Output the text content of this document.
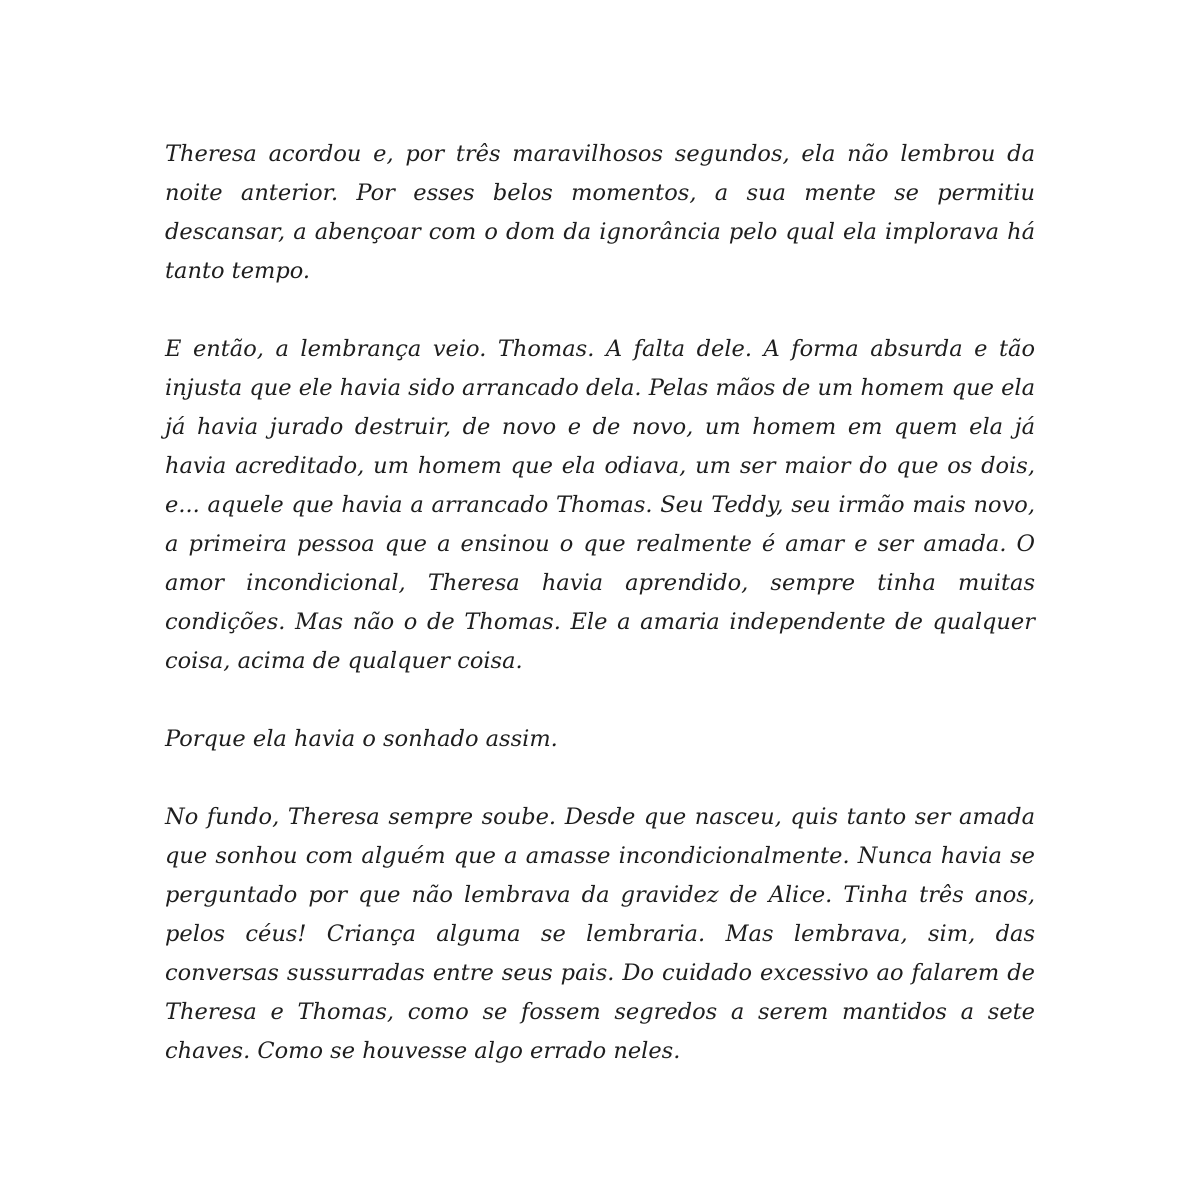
Theresa acordou e, por três maravilhosos segundos, ela não lembrou da noite anterior. Por esses belos momentos, a sua mente se permitiu descansar, a abençoar com o dom da ignorância pelo qual ela implorava há tanto tempo.

E então, a lembrança veio. Thomas. A falta dele. A forma absurda e tão injusta que ele havia sido arrancado dela. Pelas mãos de um homem que ela já havia jurado destruir, de novo e de novo, um homem em quem ela já havia acreditado, um homem que ela odiava, um ser maior do que os dois, e... aquele que havia a arrancado Thomas. Seu Teddy, seu irmão mais novo, a primeira pessoa que a ensinou o que realmente é amar e ser amada. O amor incondicional, Theresa havia aprendido, sempre tinha muitas condições. Mas não o de Thomas. Ele a amaria independente de qualquer coisa, acima de qualquer coisa.

Porque ela havia o sonhado assim.

No fundo, Theresa sempre soube. Desde que nasceu, quis tanto ser amada que sonhou com alguém que a amasse incondicionalmente. Nunca havia se perguntado por que não lembrava da gravidez de Alice. Tinha três anos, pelos céus! Criança alguma se lembraria. Mas lembrava, sim, das conversas sussurradas entre seus pais. Do cuidado excessivo ao falarem de Theresa e Thomas, como se fossem segredos a serem mantidos a sete chaves. Como se houvesse algo errado neles.
